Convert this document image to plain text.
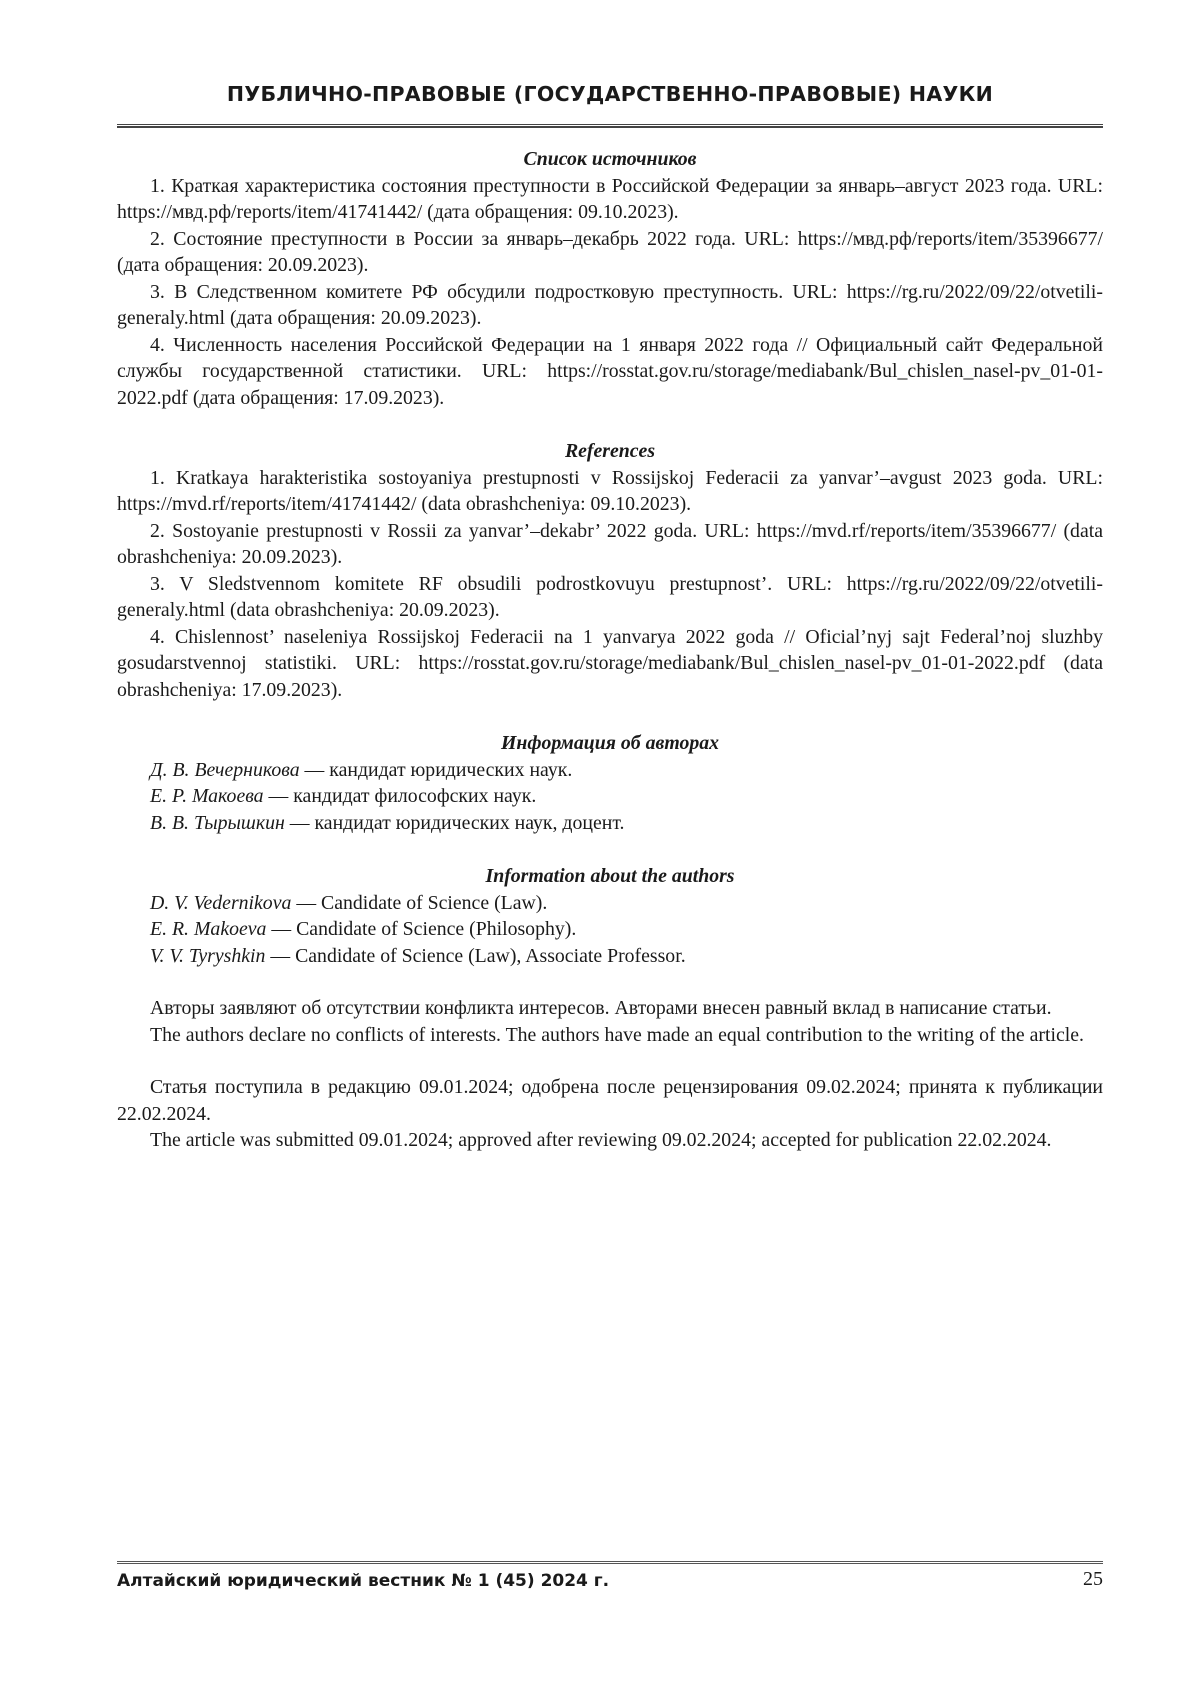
ПУБЛИЧНО-ПРАВОВЫЕ (ГОСУДАРСТВЕННО-ПРАВОВЫЕ) НАУКИ
Список источников

1. Краткая характеристика состояния преступности в Российской Федерации за январь–август 2023 года. URL: https://мвд.рф/reports/item/41741442/ (дата обращения: 09.10.2023).

2. Состояние преступности в России за январь–декабрь 2022 года. URL: https://мвд.рф/reports/item/35396677/ (дата обращения: 20.09.2023).

3. В Следственном комитете РФ обсудили подростковую преступность. URL: https://rg.ru/2022/09/22/otvetili-generaly.html (дата обращения: 20.09.2023).

4. Численность населения Российской Федерации на 1 января 2022 года // Официальный сайт Федеральной службы государственной статистики. URL: https://rosstat.gov.ru/storage/mediabank/Bul_chislen_nasel-pv_01-01-2022.pdf (дата обращения: 17.09.2023).

References

1. Kratkaya harakteristika sostoyaniya prestupnosti v Rossijskoj Federacii za yanvar’–avgust 2023 goda. URL: https://mvd.rf/reports/item/41741442/ (data obrashcheniya: 09.10.2023).

2. Sostoyanie prestupnosti v Rossii za yanvar’–dekabr’ 2022 goda. URL: https://mvd.rf/reports/item/35396677/ (data obrashcheniya: 20.09.2023).

3. V Sledstvennom komitete RF obsudili podrostkovuyu prestupnost’. URL: https://rg.ru/2022/09/22/otvetili-generaly.html (data obrashcheniya: 20.09.2023).

4. Chislennost’ naseleniya Rossijskoj Federacii na 1 yanvarya 2022 goda // Oficial’nyj sajt Federal’noj sluzhby gosudarstvennoj statistiki. URL: https://rosstat.gov.ru/storage/mediabank/Bul_chislen_nasel-pv_01-01-2022.pdf (data obrashcheniya: 17.09.2023).

Информация об авторах

Д. В. Вечерникова — кандидат юридических наук.

Е. Р. Макоева — кандидат философских наук.

В. В. Тырышкин — кандидат юридических наук, доцент.

Information about the authors

D. V. Vedernikova — Candidate of Science (Law).

E. R. Makoeva — Candidate of Science (Philosophy).

V. V. Tyryshkin — Candidate of Science (Law), Associate Professor.

Авторы заявляют об отсутствии конфликта интересов. Авторами внесен равный вклад в написание статьи.

The authors declare no conflicts of interests. The authors have made an equal contribution to the writing of the article.

Статья поступила в редакцию 09.01.2024; одобрена после рецензирования 09.02.2024; принята к публикации 22.02.2024.

The article was submitted 09.01.2024; approved after reviewing 09.02.2024; accepted for publication 22.02.2024.

Алтайский юридический вестник № 1 (45) 2024 г.	25
